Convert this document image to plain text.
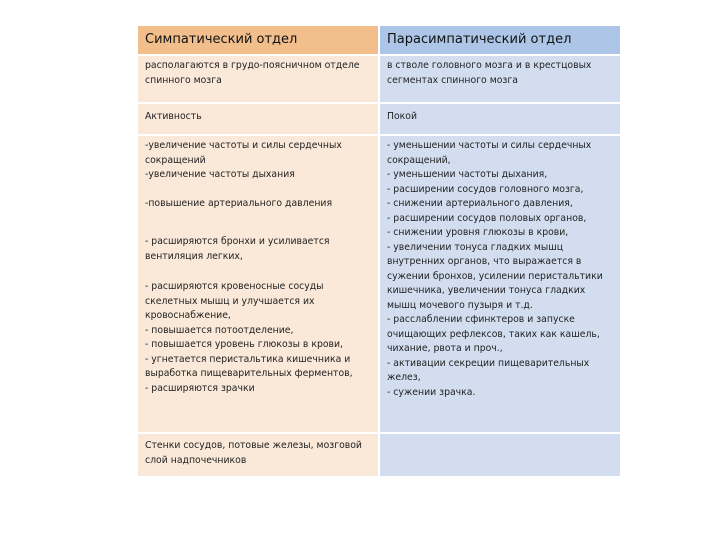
Симпатический отдел	Парасимпатический отдел
располагаются в грудо-поясничном отделе спинного мозга
в стволе головного мозга и в крестцовых сегментах спинного мозга
Активность	Покой
-увеличение частоты и силы сердечных сокращений
-увеличение частоты дыхания
-повышение артериального давления
- расширяются бронхи и усиливается вентиляция легких,
- расширяются кровеносные сосуды скелетных мышц и улучшается их кровоснабжение,
- повышается потоотделение,
- повышается уровень глюкозы в крови,
- угнетается перистальтика кишечника и выработка пищеварительных ферментов,
- расширяются зрачки
- уменьшении частоты и силы сердечных сокращений,
- уменьшении частоты дыхания,
- расширении сосудов головного мозга,
- снижении артериального давления,
- расширении сосудов половых органов,
- снижении уровня глюкозы в крови,
- увеличении тонуса гладких мышц внутренних органов, что выражается в сужении бронхов, усилении перистальтики кишечника, увеличении тонуса гладких мышц мочевого пузыря и т.д.
- расслаблении сфинктеров и запуске очищающих рефлексов, таких как кашель, чихание, рвота и проч.,
- активации секреции пищеварительных желез,
- сужении зрачка.
Стенки сосудов, потовые железы, мозговой слой надпочечников
